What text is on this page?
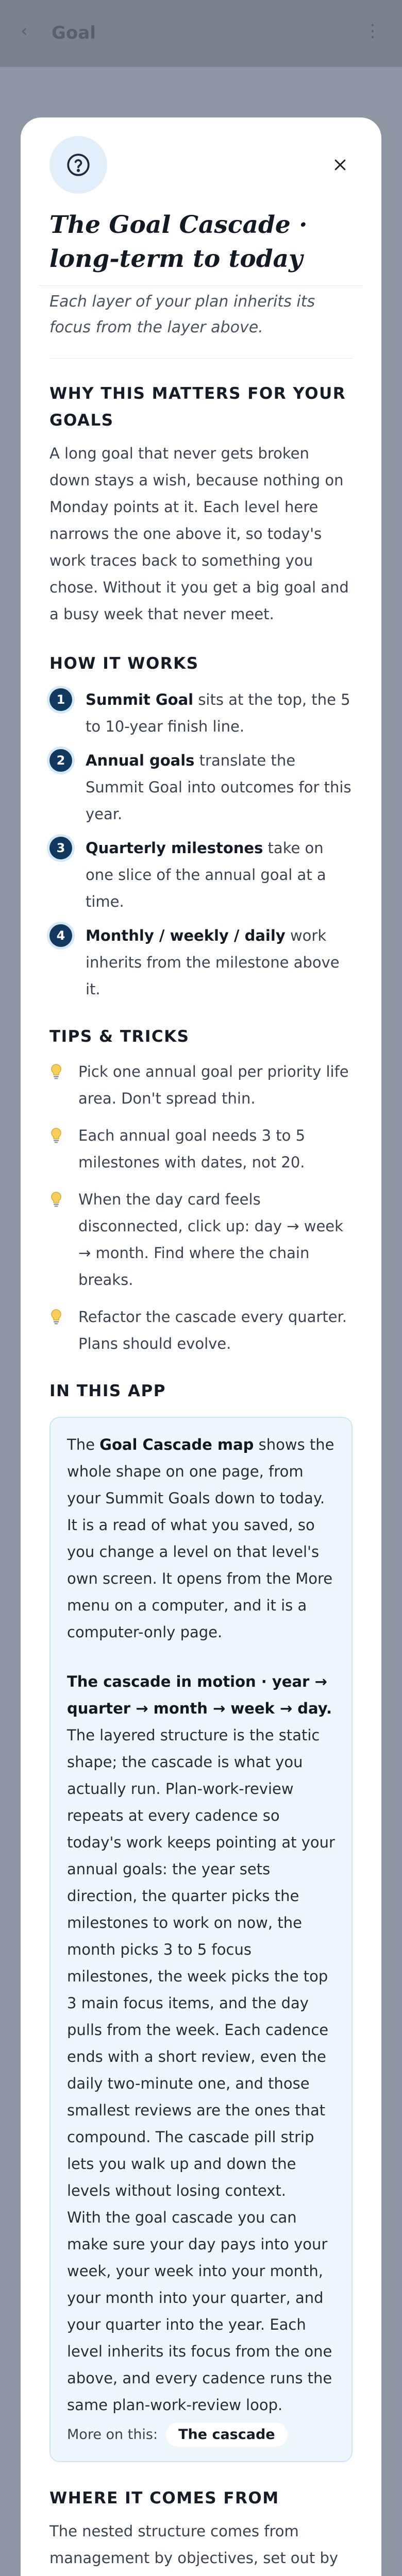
‹ Goal	⋮
The Goal Cascade · long-term to today
Each layer of your plan inherits its focus from the layer above.
WHY THIS MATTERS FOR YOUR GOALS
A long goal that never gets broken down stays a wish, because nothing on Monday points at it. Each level here narrows the one above it, so today's work traces back to something you chose. Without it you get a big goal and a busy week that never meet.
HOW IT WORKS
1	Summit Goal sits at the top, the 5 to 10-year finish line.
2	Annual goals translate the Summit Goal into outcomes for this year.
3	Quarterly milestones take on one slice of the annual goal at a time.
4	Monthly / weekly / daily work inherits from the milestone above it.
TIPS & TRICKS
Pick one annual goal per priority life area. Don't spread thin.
Each annual goal needs 3 to 5 milestones with dates, not 20.
When the day card feels disconnected, click up: day → week → month. Find where the chain breaks.
Refactor the cascade every quarter. Plans should evolve.
IN THIS APP
The Goal Cascade map shows the whole shape on one page, from your Summit Goals down to today. It is a read of what you saved, so you change a level on that level's own screen. It opens from the More menu on a computer, and it is a computer-only page.
The cascade in motion · year → quarter → month → week → day. The layered structure is the static shape; the cascade is what you actually run. Plan-work-review repeats at every cadence so today's work keeps pointing at your annual goals: the year sets direction, the quarter picks the milestones to work on now, the month picks 3 to 5 focus milestones, the week picks the top 3 main focus items, and the day pulls from the week. Each cadence ends with a short review, even the daily two-minute one, and those smallest reviews are the ones that compound. The cascade pill strip lets you walk up and down the levels without losing context.
With the goal cascade you can make sure your day pays into your week, your week into your month, your month into your quarter, and your quarter into the year. Each level inherits its focus from the one above, and every cadence runs the same plan-work-review loop.
More on this:	The cascade
WHERE IT COMES FROM
The nested structure comes from management by objectives, set out by
